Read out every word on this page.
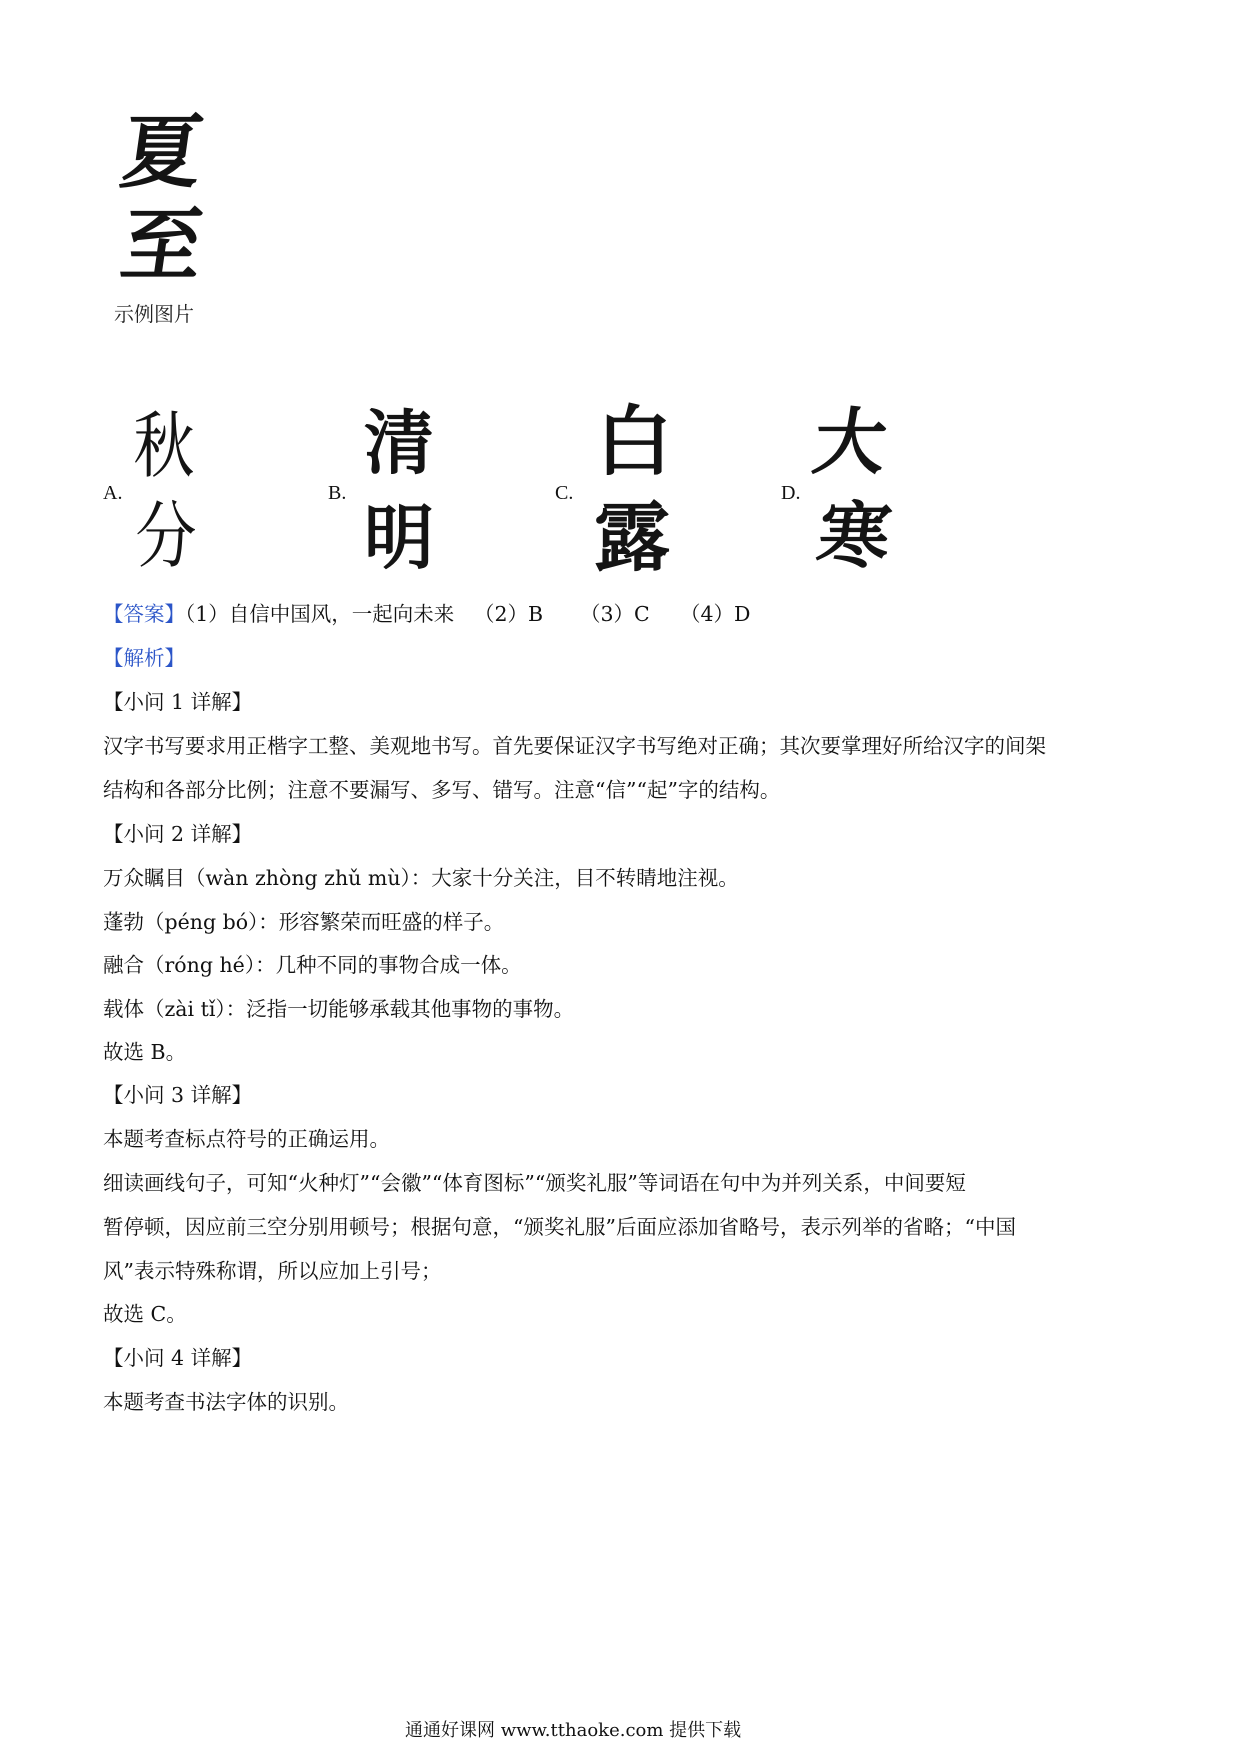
夏
至
示例图片
A.
秋
分
B.
清
明
C.
白
露	D.
大
寒
【答案】（1）自信中国风，一起向未来 （2）B （3）C （4）D
【解析】
【小问 1 详解】
汉字书写要求用正楷字工整、美观地书写。首先要保证汉字书写绝对正确；其次要掌理好所给汉字的间架
结构和各部分比例；注意不要漏写、多写、错写。注意“信”“起”字的结构。
【小问 2 详解】
万众瞩目（wàn zhòng zhǔ mù）：大家十分关注，目不转睛地注视。
蓬勃（péng bó）：形容繁荣而旺盛的样子。
融合（róng hé）：几种不同的事物合成一体。
载体（zài tǐ）：泛指一切能够承载其他事物的事物。
故选 B。
【小问 3 详解】
本题考查标点符号的正确运用。
细读画线句子，可知“火种灯”“会徽”“体育图标”“颁奖礼服”等词语在句中为并列关系，中间要短
暂停顿，因应前三空分别用顿号；根据句意，“颁奖礼服”后面应添加省略号，表示列举的省略；“中国
风”表示特殊称谓，所以应加上引号；
故选 C。
【小问 4 详解】
本题考查书法字体的识别。
通通好课网 www.tthaoke.com 提供下载
